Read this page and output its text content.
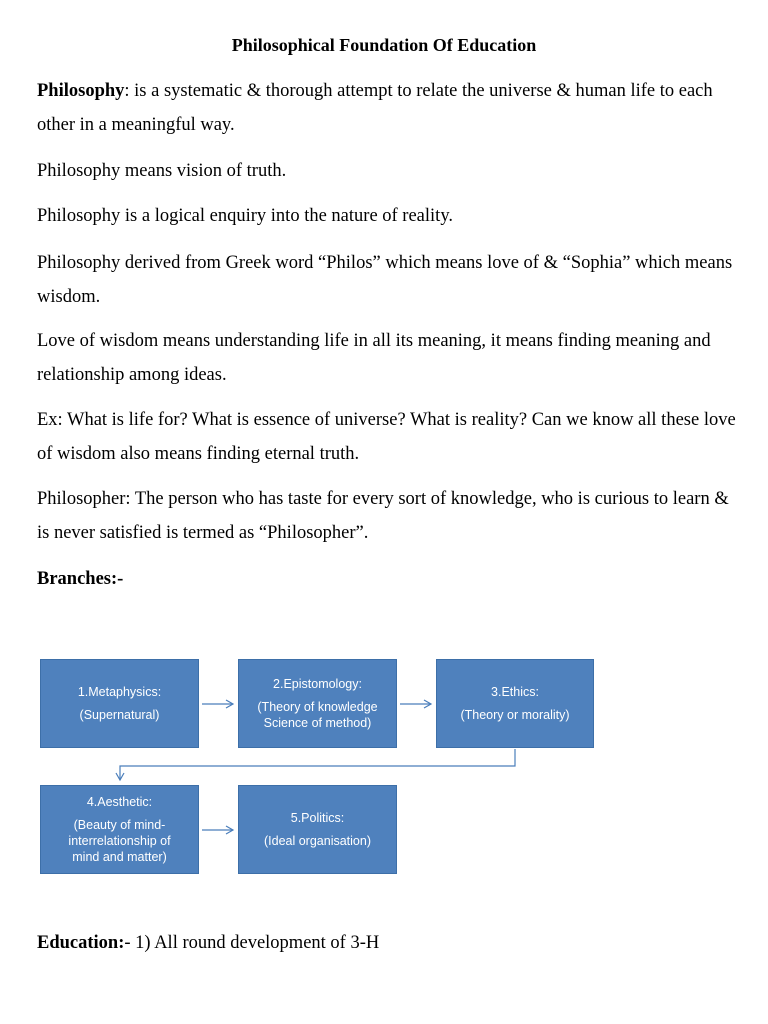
Philosophical Foundation Of Education
Philosophy: is a systematic & thorough attempt to relate the universe & human life to each other in a meaningful way.
Philosophy means vision of truth.
Philosophy is a logical enquiry into the nature of reality.
Philosophy derived from Greek word “Philos” which means love of & “Sophia” which means wisdom.
Love of wisdom means understanding life in all its meaning, it means finding meaning and relationship among ideas.
Ex: What is life for? What is essence of universe? What is reality? Can we know all these love of wisdom also means finding eternal truth.
Philosopher: The person who has taste for every sort of knowledge, who is curious to learn & is never satisfied is termed as “Philosopher”.
Branches:-
1.Metaphysics:
(Supernatural)
2.Epistomology:
(Theory of knowledge
Science of method)
3.Ethics:
(Theory or morality)
4.Aesthetic:
(Beauty of mind-
interrelationship of
mind and matter)
5.Politics:
(Ideal organisation)
Education:- 1) All round development of 3-H
